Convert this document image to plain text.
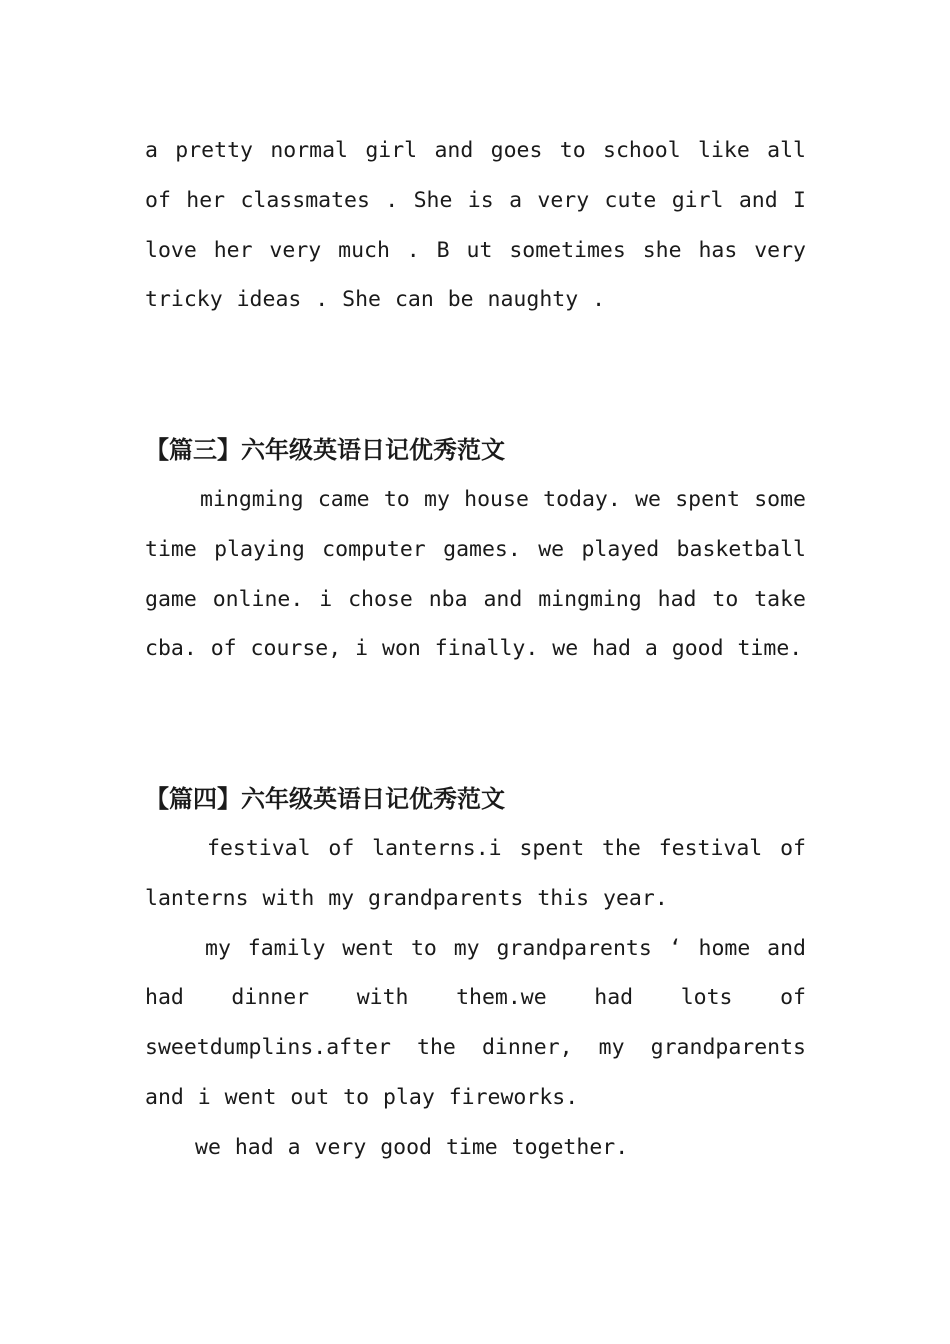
a pretty normal girl and goes to school like all of her classmates . She is a very cute girl and I love her very much . B ut sometimes she has very tricky ideas . She can be naughty .

【篇三】六年级英语日记优秀范文

mingming came to my house today. we spent some time playing computer games. we played basketball game online. i chose nba and mingming had to take cba. of course, i won finally. we had a good time.

【篇四】六年级英语日记优秀范文

festival of lanterns.i spent the festival of lanterns with my grandparents this year.

my family went to my grandparents ‘ home and had dinner with them.we had lots of sweetdumplins.after the dinner, my grandparents and i went out to play fireworks.

we had a very good time together.
